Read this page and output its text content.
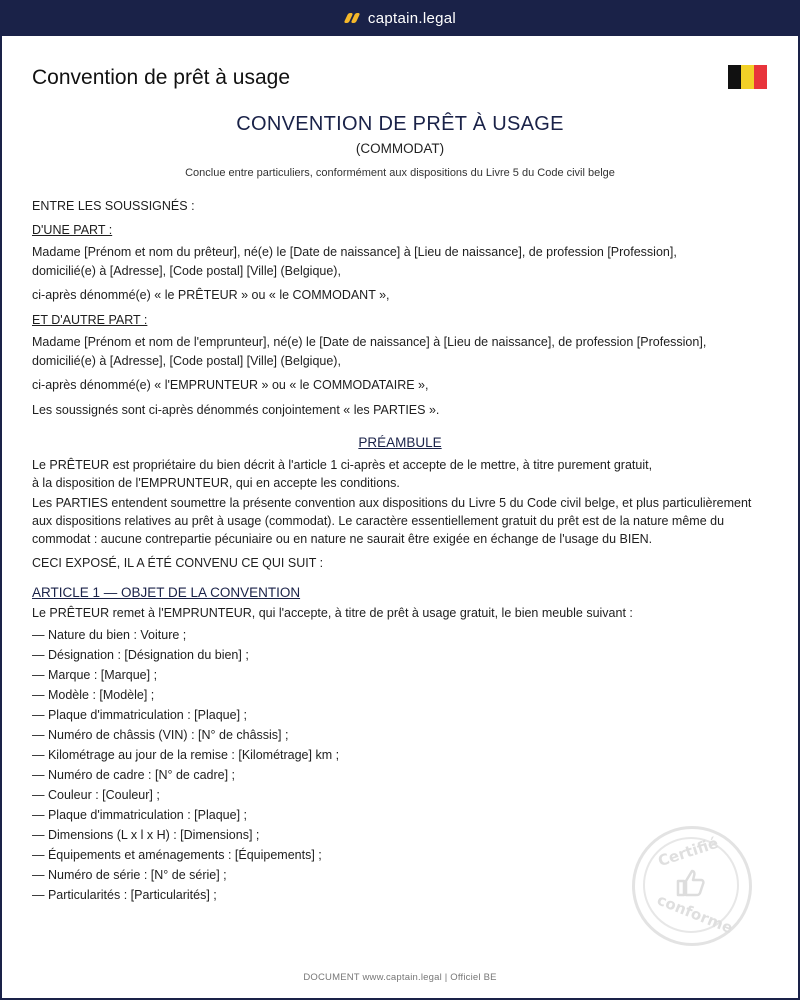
captain.legal
Convention de prêt à usage
CONVENTION DE PRÊT À USAGE
(COMMODAT)
Conclue entre particuliers, conformément aux dispositions du Livre 5 du Code civil belge

ENTRE LES SOUSSIGNÉS :

D'UNE PART :

Madame [Prénom et nom du prêteur], né(e) le [Date de naissance] à [Lieu de naissance], de profession [Profession],

domicilié(e) à [Adresse], [Code postal] [Ville] (Belgique),

ci-après dénommé(e) « le PRÊTEUR » ou « le COMMODANT »,

ET D'AUTRE PART :

Madame [Prénom et nom de l'emprunteur], né(e) le [Date de naissance] à [Lieu de naissance], de profession [Profession],

domicilié(e) à [Adresse], [Code postal] [Ville] (Belgique),

ci-après dénommé(e) « l'EMPRUNTEUR » ou « le COMMODATAIRE »,

Les soussignés sont ci-après dénommés conjointement « les PARTIES ».

PRÉAMBULE

Le PRÊTEUR est propriétaire du bien décrit à l'article 1 ci-après et accepte de le mettre, à titre purement gratuit,

à la disposition de l'EMPRUNTEUR, qui en accepte les conditions.

Les PARTIES entendent soumettre la présente convention aux dispositions du Livre 5 du Code civil belge, et plus particulièrement aux dispositions relatives au prêt à usage (commodat). Le caractère essentiellement gratuit du prêt est de la nature même du commodat : aucune contrepartie pécuniaire ou en nature ne saurait être exigée en échange de l'usage du BIEN.

CECI EXPOSÉ, IL A ÉTÉ CONVENU CE QUI SUIT :

ARTICLE 1 — OBJET DE LA CONVENTION

Le PRÊTEUR remet à l'EMPRUNTEUR, qui l'accepte, à titre de prêt à usage gratuit, le bien meuble suivant :

— Nature du bien : Voiture ;
— Désignation : [Désignation du bien] ;
— Marque : [Marque] ;
— Modèle : [Modèle] ;
— Plaque d'immatriculation : [Plaque] ;
— Numéro de châssis (VIN) : [N° de châssis] ;
— Kilométrage au jour de la remise : [Kilométrage] km ;
— Numéro de cadre : [N° de cadre] ;
— Couleur : [Couleur] ;
— Plaque d'immatriculation : [Plaque] ;
— Dimensions (L x l x H) : [Dimensions] ;
— Équipements et aménagements : [Équipements] ;
— Numéro de série : [N° de série] ;
— Particularités : [Particularités] ;
Certifié
conforme
DOCUMENT www.captain.legal | Officiel BE
